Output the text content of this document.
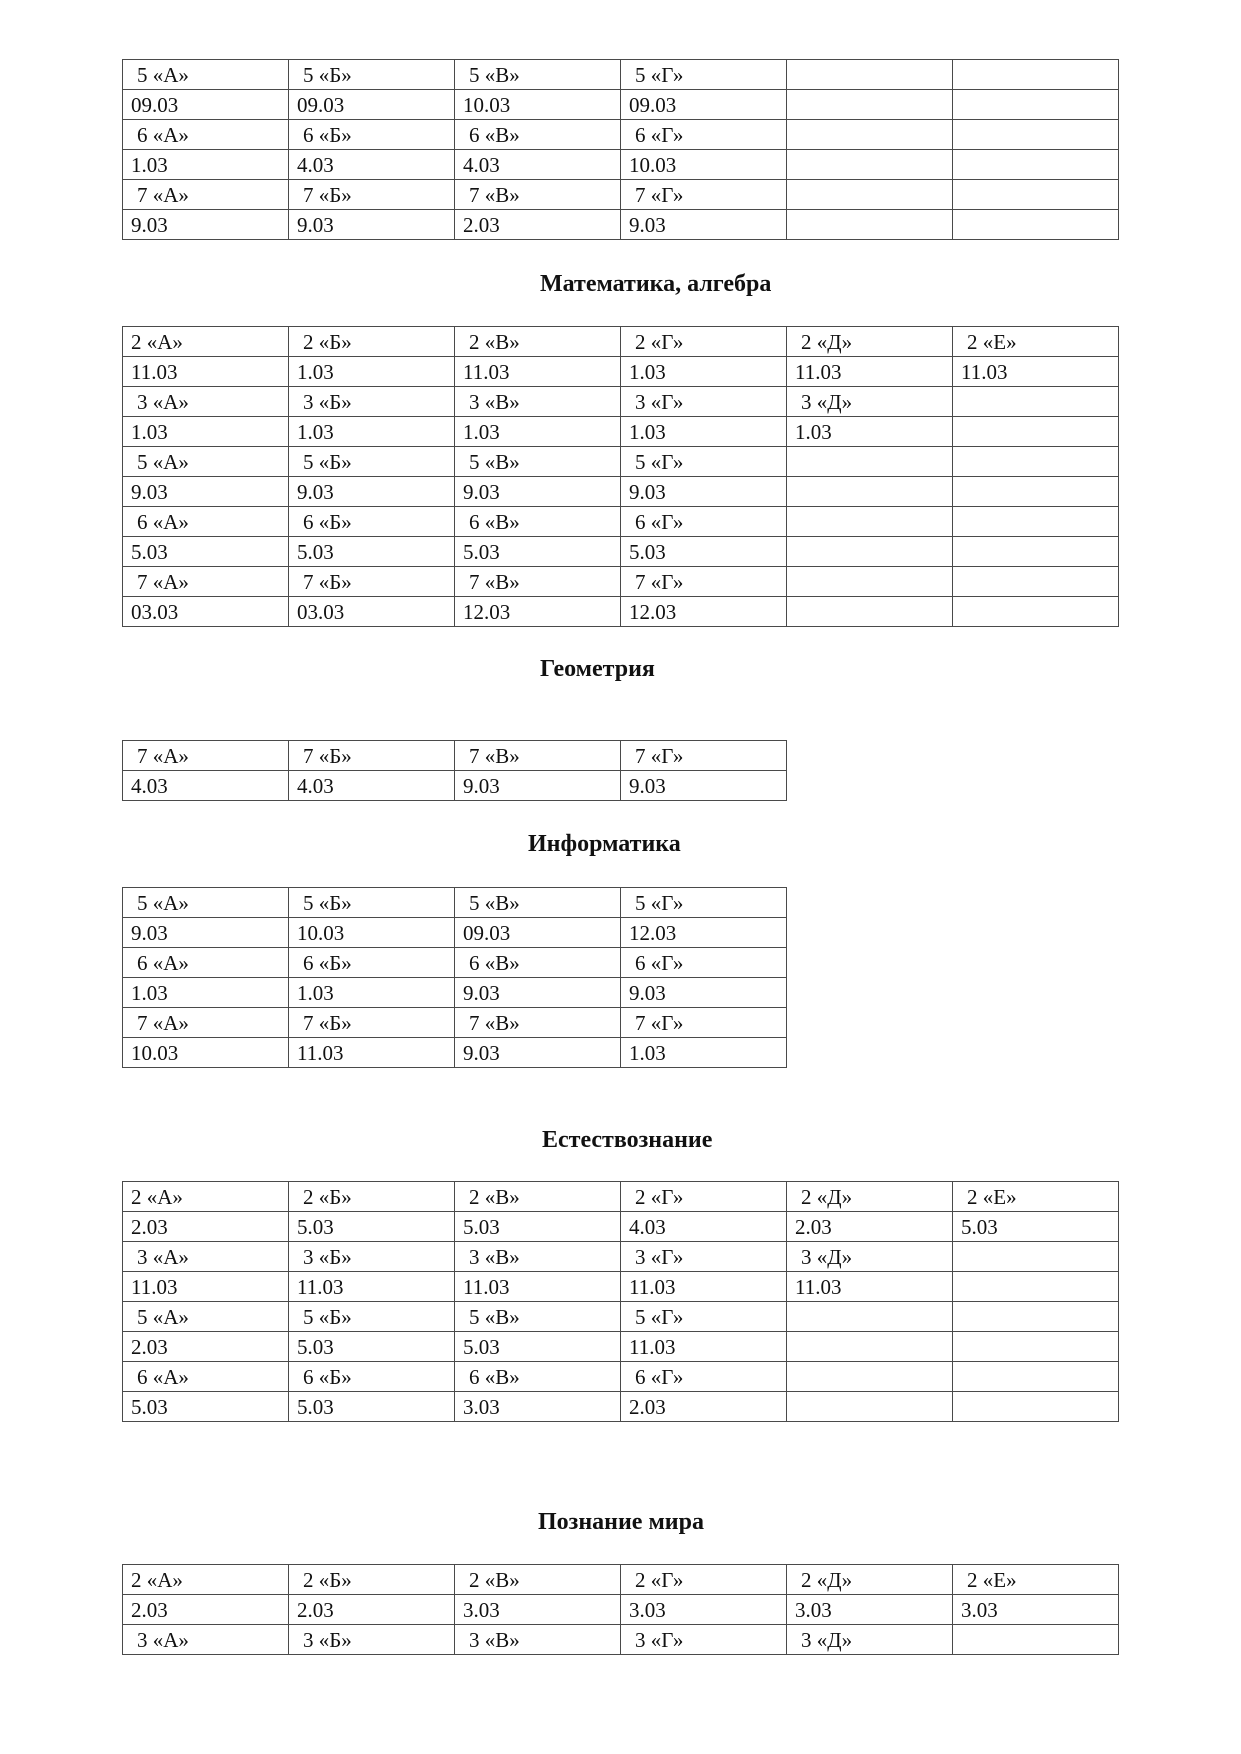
5 «А»	5 «Б»	5 «В»	5 «Г»		
09.03	09.03	10.03	09.03		
6 «А»	6 «Б»	6 «В»	6 «Г»		
1.03	4.03	4.03	10.03		
7 «А»	7 «Б»	7 «В»	7 «Г»		
9.03	9.03	2.03	9.03		
Математика, алгебра
2 «А»	2 «Б»	2 «В»	2 «Г»	2 «Д»	2 «Е»
11.03	1.03	11.03	1.03	11.03	11.03
3 «А»	3 «Б»	3 «В»	3 «Г»	3 «Д»	
1.03	1.03	1.03	1.03	1.03	
5 «А»	5 «Б»	5 «В»	5 «Г»		
9.03	9.03	9.03	9.03		
6 «А»	6 «Б»	6 «В»	6 «Г»		
5.03	5.03	5.03	5.03		
7 «А»	7 «Б»	7 «В»	7 «Г»		
03.03	03.03	12.03	12.03		
Геометрия
7 «А»	7 «Б»	7 «В»	7 «Г»
4.03	4.03	9.03	9.03
Информатика
5 «А»	5 «Б»	5 «В»	5 «Г»
9.03	10.03	09.03	12.03
6 «А»	6 «Б»	6 «В»	6 «Г»
1.03	1.03	9.03	9.03
7 «А»	7 «Б»	7 «В»	7 «Г»
10.03	11.03	9.03	1.03
Естествознание
2 «А»	2 «Б»	2 «В»	2 «Г»	2 «Д»	2 «Е»
2.03	5.03	5.03	4.03	2.03	5.03
3 «А»	3 «Б»	3 «В»	3 «Г»	3 «Д»	
11.03	11.03	11.03	11.03	11.03	
5 «А»	5 «Б»	5 «В»	5 «Г»		
2.03	5.03	5.03	11.03		
6 «А»	6 «Б»	6 «В»	6 «Г»		
5.03	5.03	3.03	2.03		
Познание мира
2 «А»	2 «Б»	2 «В»	2 «Г»	2 «Д»	2 «Е»
2.03	2.03	3.03	3.03	3.03	3.03
3 «А»	3 «Б»	3 «В»	3 «Г»	3 «Д»	
